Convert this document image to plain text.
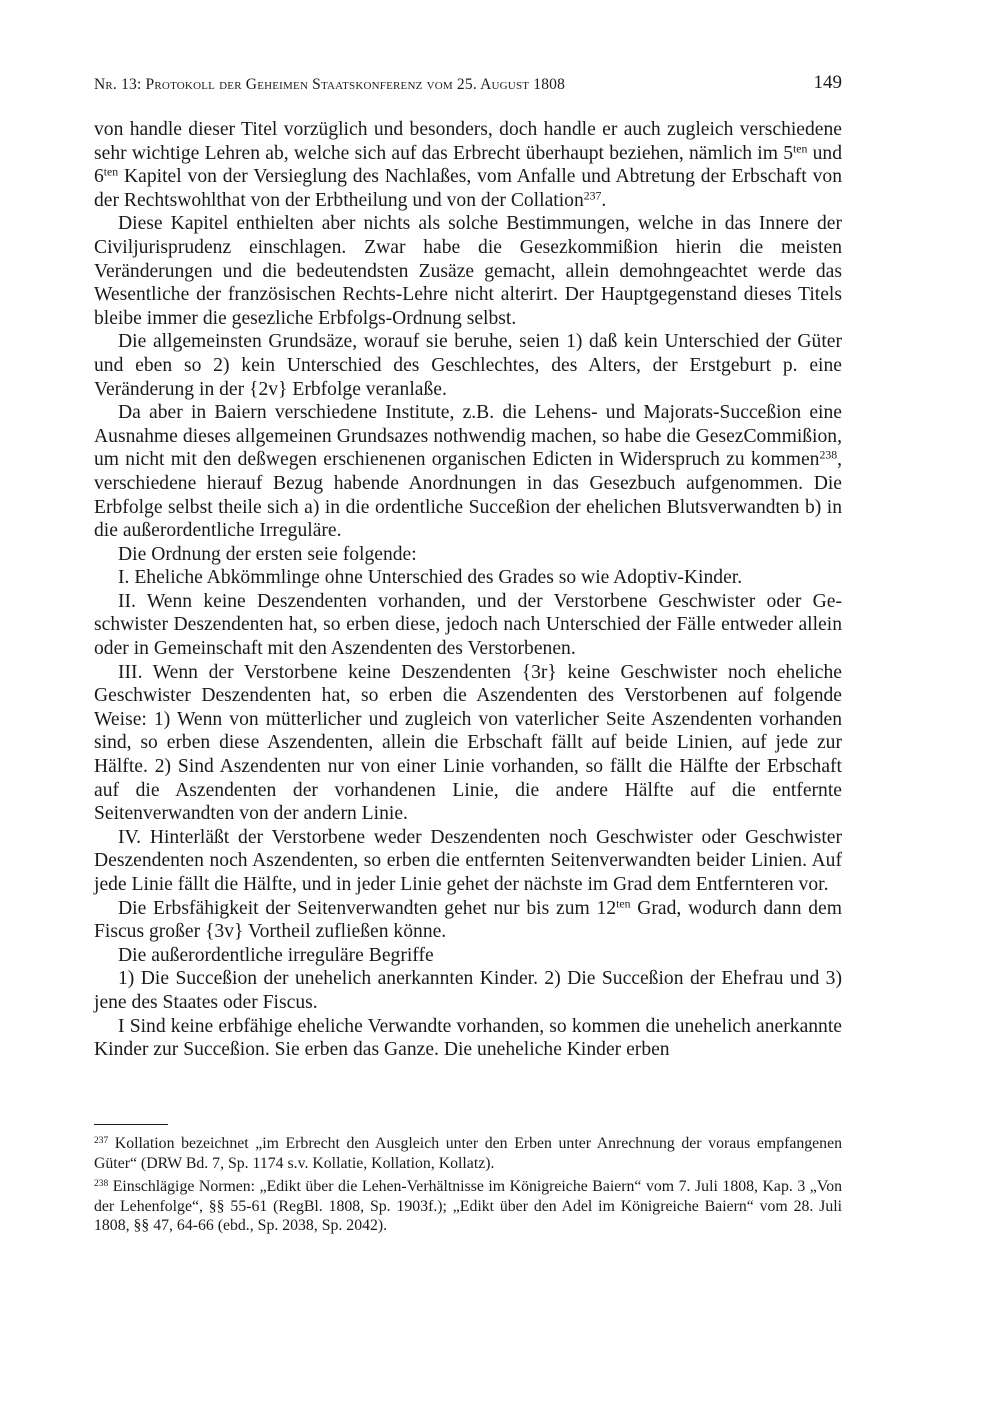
Nr. 13: Protokoll der Geheimen Staatskonferenz vom 25. August 1808	149

von handle dieser Titel vorzüglich und besonders, doch handle er auch zugleich verschiedene sehr wichtige Lehren ab, welche sich auf das Erbrecht überhaupt beziehen, nämlich im $5^{ten}$ und $6^{ten}$ Kapitel von der Versieglung des Nachlaßes, vom Anfalle und Abtretung der Erbschaft von der Rechtswohlthat von der Erbtheilung und von der Collation$^{237}$.

Diese Kapitel enthielten aber nichts als solche Bestimmungen, welche in das Innere der Civiljurisprudenz einschlagen. Zwar habe die Gesezkommißion hierin die meisten Veränderungen und die bedeutendsten Zusäze gemacht, allein demohngeachtet werde das Wesentliche der französischen Rechts-Lehre nicht alterirt. Der Hauptgegenstand dieses Titels bleibe immer die gesezliche Erbfolgs-Ordnung selbst.

Die allgemeinsten Grundsäze, worauf sie beruhe, seien 1) daß kein Unterschied der Güter und eben so 2) kein Unterschied des Geschlechtes, des Alters, der Erstgeburt p. eine Veränderung in der {2v} Erbfolge veranlaße.

Da aber in Baiern verschiedene Institute, z.B. die Lehens- und Majorats-Succeßion eine Ausnahme dieses allgemeinen Grundsazes nothwendig machen, so habe die GesezCommißion, um nicht mit den deßwegen erschienenen organischen Edicten in Widerspruch zu kommen$^{238}$, verschiedene hierauf Bezug habende Anordnungen in das Gesezbuch aufgenommen. Die Erbfolge selbst theile sich a) in die ordentliche Succeßion der ehelichen Blutsverwandten b) in die außerordentliche Irreguläre.

Die Ordnung der ersten seie folgende:

I. Eheliche Abkömmlinge ohne Unterschied des Grades so wie Adoptiv-Kinder.

II. Wenn keine Deszendenten vorhanden, und der Verstorbene Geschwister oder Geschwister Deszendenten hat, so erben diese, jedoch nach Unterschied der Fälle entweder allein oder in Gemeinschaft mit den Aszendenten des Verstorbenen.

III. Wenn der Verstorbene keine Deszendenten {3r} keine Geschwister noch eheliche Geschwister Deszendenten hat, so erben die Aszendenten des Verstorbenen auf folgende Weise: 1) Wenn von mütterlicher und zugleich von vaterlicher Seite Aszendenten vorhanden sind, so erben diese Aszendenten, allein die Erbschaft fällt auf beide Linien, auf jede zur Hälfte. 2) Sind Aszendenten nur von einer Linie vorhanden, so fällt die Hälfte der Erbschaft auf die Aszendenten der vorhandenen Linie, die andere Hälfte auf die entfernte Seitenverwandten von der andern Linie.

IV. Hinterläßt der Verstorbene weder Deszendenten noch Geschwister oder Geschwister Deszendenten noch Aszendenten, so erben die entfernten Seitenverwandten beider Linien. Auf jede Linie fällt die Hälfte, und in jeder Linie gehet der nächste im Grad dem Entfernteren vor.

Die Erbsfähigkeit der Seitenverwandten gehet nur bis zum $12^{ten}$ Grad, wodurch dann dem Fiscus großer {3v} Vortheil zufließen könne.

Die außerordentliche irreguläre Begriffe

1) Die Succeßion der unehelich anerkannten Kinder. 2) Die Succeßion der Ehefrau und 3) jene des Staates oder Fiscus.

I Sind keine erbfähige eheliche Verwandte vorhanden, so kommen die unehelich anerkannte Kinder zur Succeßion. Sie erben das Ganze. Die uneheliche Kinder erben

$^{237}$ Kollation bezeichnet „im Erbrecht den Ausgleich unter den Erben unter Anrechnung der voraus empfangenen Güter“ (DRW Bd. 7, Sp. 1174 s.v. Kollatie, Kollation, Kollatz).

$^{238}$ Einschlägige Normen: „Edikt über die Lehen-Verhältnisse im Königreiche Baiern“ vom 7. Juli 1808, Kap. 3 „Von der Lehenfolge“, §§ 55-61 (RegBl. 1808, Sp. 1903f.); „Edikt über den Adel im Königreiche Baiern“ vom 28. Juli 1808, §§ 47, 64-66 (ebd., Sp. 2038, Sp. 2042).
